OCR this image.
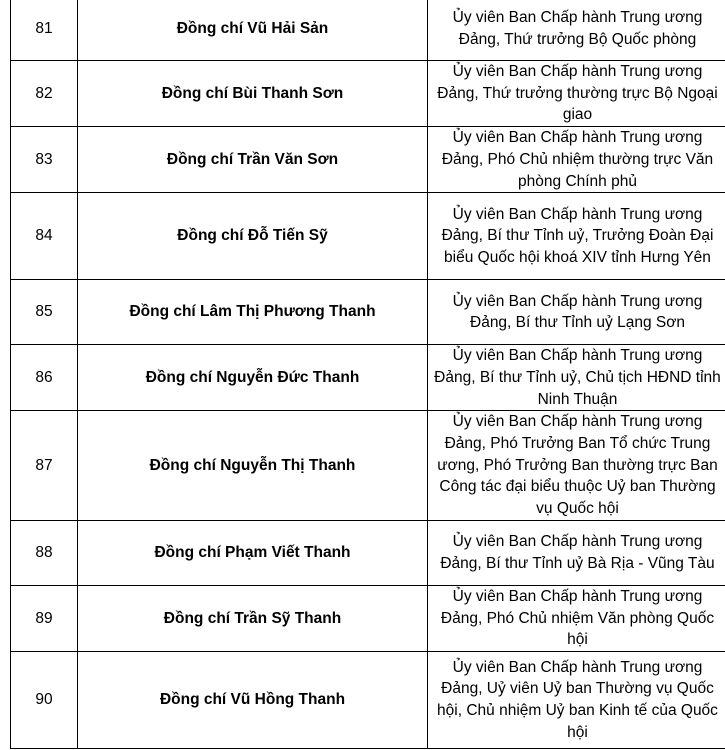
81	Đồng chí Vũ Hải Sản	Ủy viên Ban Chấp hành Trung ương Đảng, Thứ trưởng Bộ Quốc phòng
82	Đồng chí Bùi Thanh Sơn	Ủy viên Ban Chấp hành Trung ương Đảng, Thứ trưởng thường trực Bộ Ngoại giao
83	Đồng chí Trần Văn Sơn	Ủy viên Ban Chấp hành Trung ương Đảng, Phó Chủ nhiệm thường trực Văn phòng Chính phủ
84	Đồng chí Đỗ Tiến Sỹ	Ủy viên Ban Chấp hành Trung ương Đảng, Bí thư Tỉnh uỷ, Trưởng Đoàn Đại biểu Quốc hội khoá XIV tỉnh Hưng Yên
85	Đồng chí Lâm Thị Phương Thanh	Ủy viên Ban Chấp hành Trung ương Đảng, Bí thư Tỉnh uỷ Lạng Sơn
86	Đồng chí Nguyễn Đức Thanh	Ủy viên Ban Chấp hành Trung ương Đảng, Bí thư Tỉnh uỷ, Chủ tịch HĐND tỉnh Ninh Thuận
87	Đồng chí Nguyễn Thị Thanh	Ủy viên Ban Chấp hành Trung ương Đảng, Phó Trưởng Ban Tổ chức Trung ương, Phó Trưởng Ban thường trực Ban Công tác đại biểu thuộc Uỷ ban Thường vụ Quốc hội
88	Đồng chí Phạm Viết Thanh	Ủy viên Ban Chấp hành Trung ương Đảng, Bí thư Tỉnh uỷ Bà Rịa - Vũng Tàu
89	Đồng chí Trần Sỹ Thanh	Ủy viên Ban Chấp hành Trung ương Đảng, Phó Chủ nhiệm Văn phòng Quốc hội
90	Đồng chí Vũ Hồng Thanh	Ủy viên Ban Chấp hành Trung ương Đảng, Uỷ viên Uỷ ban Thường vụ Quốc hội, Chủ nhiệm Uỷ ban Kinh tế của Quốc hội
